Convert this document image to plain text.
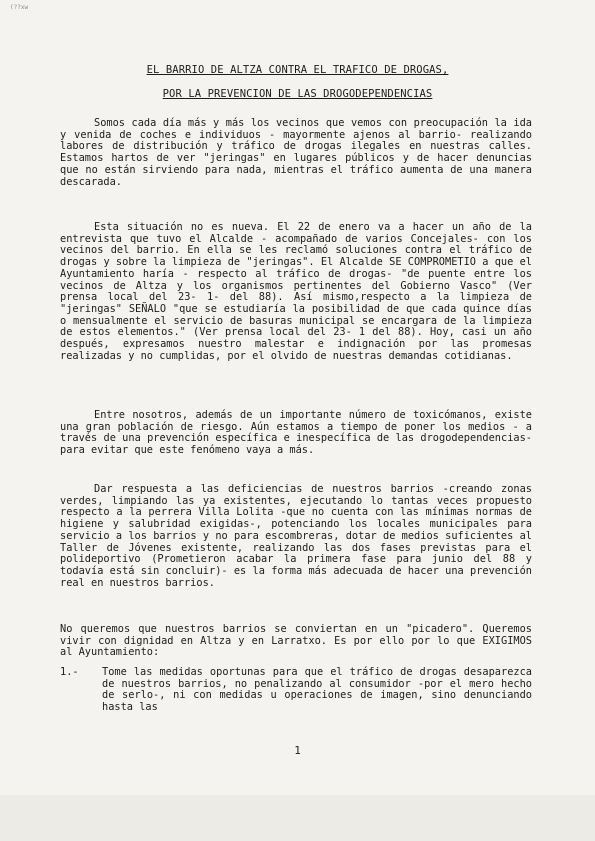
(??xw
EL BARRIO DE ALTZA CONTRA EL TRAFICO DE DROGAS,
POR LA PREVENCION DE LAS DROGODEPENDENCIAS

Somos cada día más y más los vecinos que vemos con preocupación la ida y venida de coches e individuos - mayormente ajenos al barrio- realizando labores de distribución y tráfico de drogas ilegales en nuestras calles. Estamos hartos de ver "jeringas" en lugares públicos y de hacer denuncias que no están sirviendo para nada, mientras el tráfico aumenta de una manera descarada.

Esta situación no es nueva. El 22 de enero va a hacer un año de la entrevista que tuvo el Alcalde - acompañado de varios Concejales- con los vecinos del barrio. En ella se les reclamó soluciones contra el tráfico de drogas y sobre la limpieza de "jeringas". El Alcalde SE COMPROMETIO a que el Ayuntamiento haría - respecto al tráfico de drogas- "de puente entre los vecinos de Altza y los organismos pertinentes del Gobierno Vasco" (Ver prensa local del 23- 1- del 88). Así mismo,respecto a la limpieza de "jeringas" SEÑALO "que se estudiaría la posibilidad de que cada quince días o mensualmente el servicio de basuras municipal se encargara de la limpieza de estos elementos." (Ver prensa local del 23- 1 del 88). Hoy, casi un año después, expresamos nuestro malestar e indignación por las promesas realizadas y no cumplidas, por el olvido de nuestras demandas cotidianas.

Entre nosotros, además de un importante número de toxicómanos, existe una gran población de riesgo. Aún estamos a tiempo de poner los medios - a través de una prevención específica e inespecífica de las drogodependencias- para evitar que este fenómeno vaya a más.

Dar respuesta a las deficiencias de nuestros barrios -creando zonas verdes, limpiando las ya existentes, ejecutando lo tantas veces propuesto respecto a la perrera Villa Lolita -que no cuenta con las mínimas normas de higiene y salubridad exigidas-, potenciando los locales municipales para servicio a los barrios y no para escombreras, dotar de medios suficientes al Taller de Jóvenes existente, realizando las dos fases previstas para el polideportivo (Prometieron acabar la primera fase para junio del 88 y todavía está sin concluir)- es la forma más adecuada de hacer una prevención real en nuestros barrios.

No queremos que nuestros barrios se conviertan en un "picadero". Queremos vivir con dignidad en Altza y en Larratxo. Es por ello por lo que EXIGIMOS al Ayuntamiento:

1.- Tome las medidas oportunas para que el tráfico de drogas desaparezca de nuestros barrios, no penalizando al consumidor -por el mero hecho de serlo-, ni con medidas u operaciones de imagen, sino denunciando hasta las
1
